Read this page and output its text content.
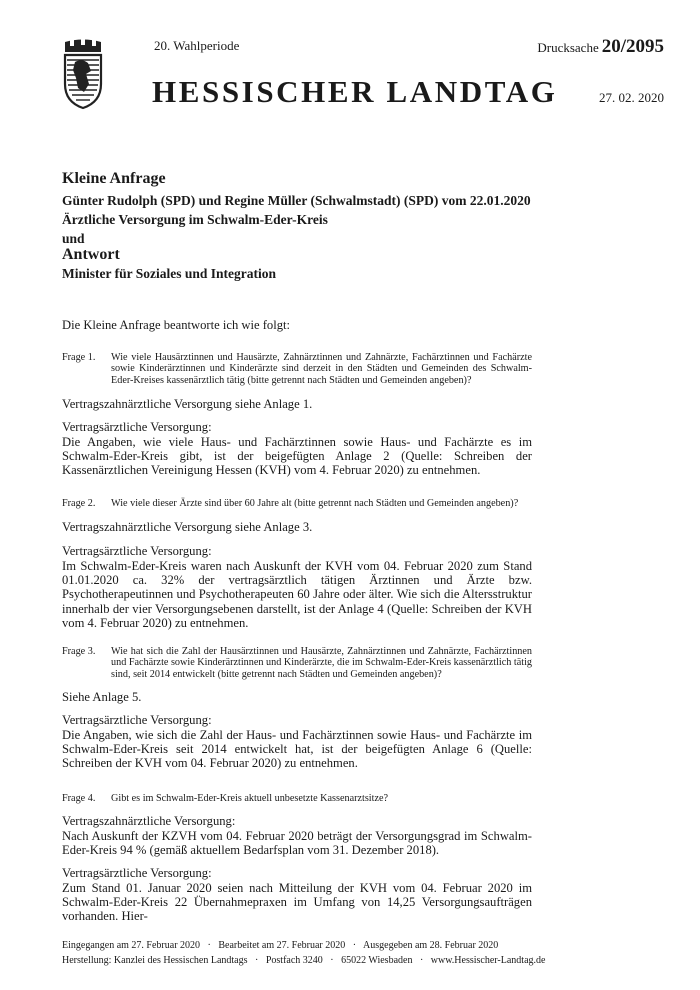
20. Wahlperiode	Drucksache 20/2095
HESSISCHER LANDTAG	27. 02. 2020
Kleine Anfrage
Günter Rudolph (SPD) und Regine Müller (Schwalmstadt) (SPD) vom 22.01.2020
Ärztliche Versorgung im Schwalm-Eder-Kreis
und
Antwort
Minister für Soziales und Integration
Die Kleine Anfrage beantworte ich wie folgt:
Frage 1. Wie viele Hausärztinnen und Hausärzte, Zahnärztinnen und Zahnärzte, Fachärztinnen und Fachärzte sowie Kinderärztinnen und Kinderärzte sind derzeit in den Städten und Gemeinden des Schwalm-Eder-Kreises kassenärztlich tätig (bitte getrennt nach Städten und Gemeinden angeben)?
Vertragszahnärztliche Versorgung siehe Anlage 1.
Vertragsärztliche Versorgung:
Die Angaben, wie viele Haus- und Fachärztinnen sowie Haus- und Fachärzte es im Schwalm-Eder-Kreis gibt, ist der beigefügten Anlage 2 (Quelle: Schreiben der Kassenärztlichen Vereinigung Hessen (KVH) vom 4. Februar 2020) zu entnehmen.
Frage 2. Wie viele dieser Ärzte sind über 60 Jahre alt (bitte getrennt nach Städten und Gemeinden angeben)?
Vertragszahnärztliche Versorgung siehe Anlage 3.
Vertragsärztliche Versorgung:
Im Schwalm-Eder-Kreis waren nach Auskunft der KVH vom 04. Februar 2020 zum Stand 01.01.2020 ca. 32% der vertragsärztlich tätigen Ärztinnen und Ärzte bzw. Psychotherapeutinnen und Psychotherapeuten 60 Jahre oder älter. Wie sich die Altersstruktur innerhalb der vier Versorgungsebenen darstellt, ist der Anlage 4 (Quelle: Schreiben der KVH vom 4. Februar 2020) zu entnehmen.
Frage 3. Wie hat sich die Zahl der Hausärztinnen und Hausärzte, Zahnärztinnen und Zahnärzte, Fachärztinnen und Fachärzte sowie Kinderärztinnen und Kinderärzte, die im Schwalm-Eder-Kreis kassenärztlich tätig sind, seit 2014 entwickelt (bitte getrennt nach Städten und Gemeinden angeben)?
Siehe Anlage 5.
Vertragsärztliche Versorgung:
Die Angaben, wie sich die Zahl der Haus- und Fachärztinnen sowie Haus- und Fachärzte im Schwalm-Eder-Kreis seit 2014 entwickelt hat, ist der beigefügten Anlage 6 (Quelle: Schreiben der KVH vom 04. Februar 2020) zu entnehmen.
Frage 4. Gibt es im Schwalm-Eder-Kreis aktuell unbesetzte Kassenarztsitze?
Vertragszahnärztliche Versorgung:
Nach Auskunft der KZVH vom 04. Februar 2020 beträgt der Versorgungsgrad im Schwalm-Eder-Kreis 94 % (gemäß aktuellem Bedarfsplan vom 31. Dezember 2018).
Vertragsärztliche Versorgung:
Zum Stand 01. Januar 2020 seien nach Mitteilung der KVH vom 04. Februar 2020 im Schwalm-Eder-Kreis 22 Übernahmepraxen im Umfang von 14,25 Versorgungsaufträgen vorhanden. Hier-
Eingegangen am 27. Februar 2020   ·   Bearbeitet am 27. Februar 2020   ·   Ausgegeben am 28. Februar 2020
Herstellung: Kanzlei des Hessischen Landtags   ·   Postfach 3240   ·   65022 Wiesbaden   ·   www.Hessischer-Landtag.de
